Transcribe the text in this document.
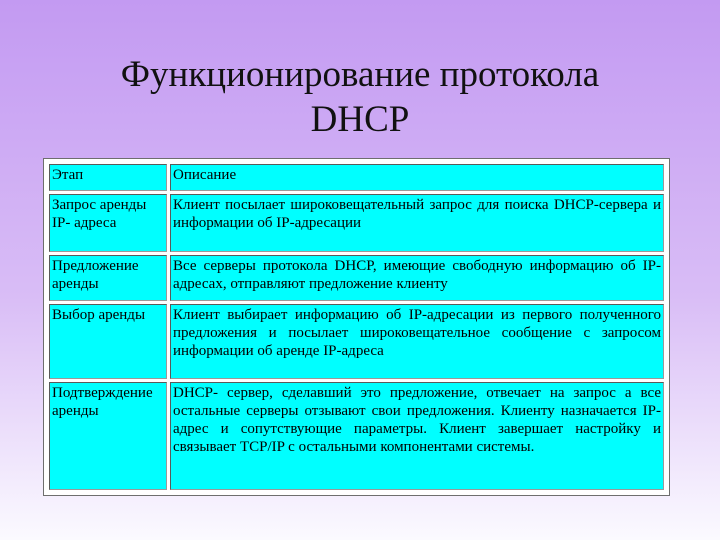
Функционирование протокола
DHCP
Этап	Описание
Запрос аренды IP- адреса	Клиент посылает широковещательный запрос для поиска DHCP-сервера и информации об IP-адресации
Предложение аренды	Все серверы протокола DHCP, имеющие свободную информацию об IP-адресах, отправляют предложение клиенту
Выбор аренды	Клиент выбирает информацию об IP-адресации из первого полученного предложения и посылает широковещательное сообщение с запросом информации об аренде IP-адреса
Подтверждение аренды	DHCP- сервер, сделавший это предложение, отвечает на запрос а все остальные серверы отзывают свои предложения. Клиенту назначается IP-адрес и сопутствующие параметры. Клиент завершает настройку и связывает TCP/IP с остальными компонентами системы.
